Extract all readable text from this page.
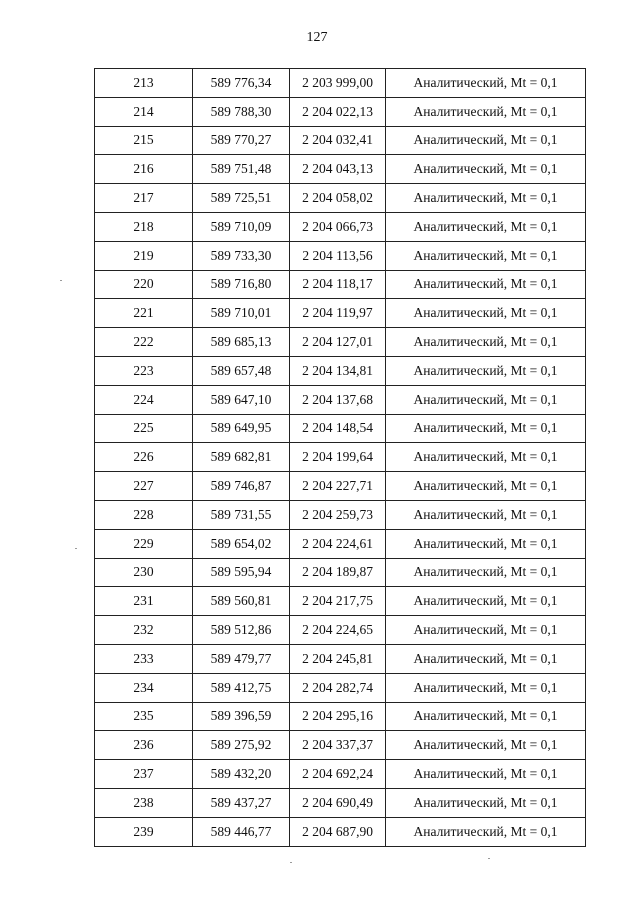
127
213	589 776,34	2 203 999,00	Аналитический, Mt = 0,1
214	589 788,30	2 204 022,13	Аналитический, Mt = 0,1
215	589 770,27	2 204 032,41	Аналитический, Mt = 0,1
216	589 751,48	2 204 043,13	Аналитический, Mt = 0,1
217	589 725,51	2 204 058,02	Аналитический, Mt = 0,1
218	589 710,09	2 204 066,73	Аналитический, Mt = 0,1
219	589 733,30	2 204 113,56	Аналитический, Mt = 0,1
220	589 716,80	2 204 118,17	Аналитический, Mt = 0,1
221	589 710,01	2 204 119,97	Аналитический, Mt = 0,1
222	589 685,13	2 204 127,01	Аналитический, Mt = 0,1
223	589 657,48	2 204 134,81	Аналитический, Mt = 0,1
224	589 647,10	2 204 137,68	Аналитический, Mt = 0,1
225	589 649,95	2 204 148,54	Аналитический, Mt = 0,1
226	589 682,81	2 204 199,64	Аналитический, Mt = 0,1
227	589 746,87	2 204 227,71	Аналитический, Mt = 0,1
228	589 731,55	2 204 259,73	Аналитический, Mt = 0,1
229	589 654,02	2 204 224,61	Аналитический, Mt = 0,1
230	589 595,94	2 204 189,87	Аналитический, Mt = 0,1
231	589 560,81	2 204 217,75	Аналитический, Mt = 0,1
232	589 512,86	2 204 224,65	Аналитический, Mt = 0,1
233	589 479,77	2 204 245,81	Аналитический, Mt = 0,1
234	589 412,75	2 204 282,74	Аналитический, Mt = 0,1
235	589 396,59	2 204 295,16	Аналитический, Mt = 0,1
236	589 275,92	2 204 337,37	Аналитический, Mt = 0,1
237	589 432,20	2 204 692,24	Аналитический, Mt = 0,1
238	589 437,27	2 204 690,49	Аналитический, Mt = 0,1
239	589 446,77	2 204 687,90	Аналитический, Mt = 0,1
